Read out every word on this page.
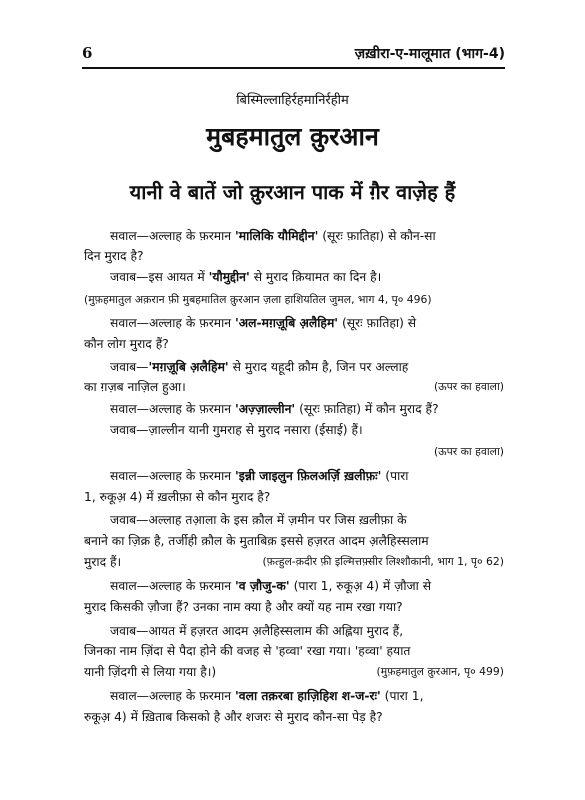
6	ज़ख़ीरा-ए-मालूमात (भाग-4)
बिस्मिल्लाहिर्रहमानिर्रहीम
मुबहमातुल क़ुरआन
यानी वे बातें जो क़ुरआन पाक में ग़ैर वाज़ेह हैं
सवाल—अल्लाह के फ़रमान 'मालिकि यौमिद्दीन' (सूरः फ़ातिहा) से कौन-सा
दिन मुराद है?
जवाब—इस आयत में 'यौमुद्दीन' से मुराद क़ियामत का दिन है।
(मुफ़हमातुल अक़रान फ़ी मुबहमातिल क़ुरआन ज़ला हाशियतिल जुमल, भाग 4, पृ० 496)
सवाल—अल्लाह के फ़रमान 'अल-मग़ज़ूबि अ़लैहिम' (सूरः फ़ातिहा) से
कौन लोग मुराद हैं?
जवाब—'मग़ज़ूबि अ़लैहिम' से मुराद यहूदी क़ौम है, जिन पर अल्लाह
का ग़ज़ब नाज़िल हुआ।	(ऊपर का हवाला)
सवाल—अल्लाह के फ़रमान 'अज़्ज़ाल्लीन' (सूरः फ़ातिहा) में कौन मुराद हैं?
जवाब—ज़ाल्लीन यानी गुमराह से मुराद नसारा (ईसाई) हैं।
(ऊपर का हवाला)
सवाल—अल्लाह के फ़रमान 'इन्नी जाइलुन फ़िलअर्ज़ि ख़लीफ़ः' (पारा
1, रुकूअ़ 4) में ख़लीफ़ा से कौन मुराद है?
जवाब—अल्लाह तआ़ला के इस क़ौल में ज़मीन पर जिस ख़लीफ़ा के
बनाने का ज़िक्र है, तर्जीही क़ौल के मुताबिक़ इससे हज़रत आदम अ़लैहिस्सलाम
मुराद हैं।	(फ़त्हुल-क़दीर फ़ी इल्मित्तफ़्सीर लिश्शौकानी, भाग 1, पृ० 62)
सवाल—अल्लाह के फ़रमान 'व ज़ौजु-क' (पारा 1, रुकूअ़ 4) में ज़ौजा से
मुराद किसकी ज़ौजा हैं? उनका नाम क्या है और क्यों यह नाम रखा गया?
जवाब—आयत में हज़रत आदम अ़लैहिस्सलाम की अह्लिया मुराद हैं,
जिनका नाम ज़िंदा से पैदा होने की वजह से 'हव्वा' रखा गया। 'हव्वा' हयात
यानी ज़िंदगी से लिया गया है।)	(मुफ़हमातुल क़ुरआन, पृ० 499)
सवाल—अल्लाह के फ़रमान 'वला तक़रबा हाज़िहिश श-ज-रः' (पारा 1,
रुकूअ़ 4) में ख़िताब किसको है और शजरः से मुराद कौन-सा पेड़ है?
